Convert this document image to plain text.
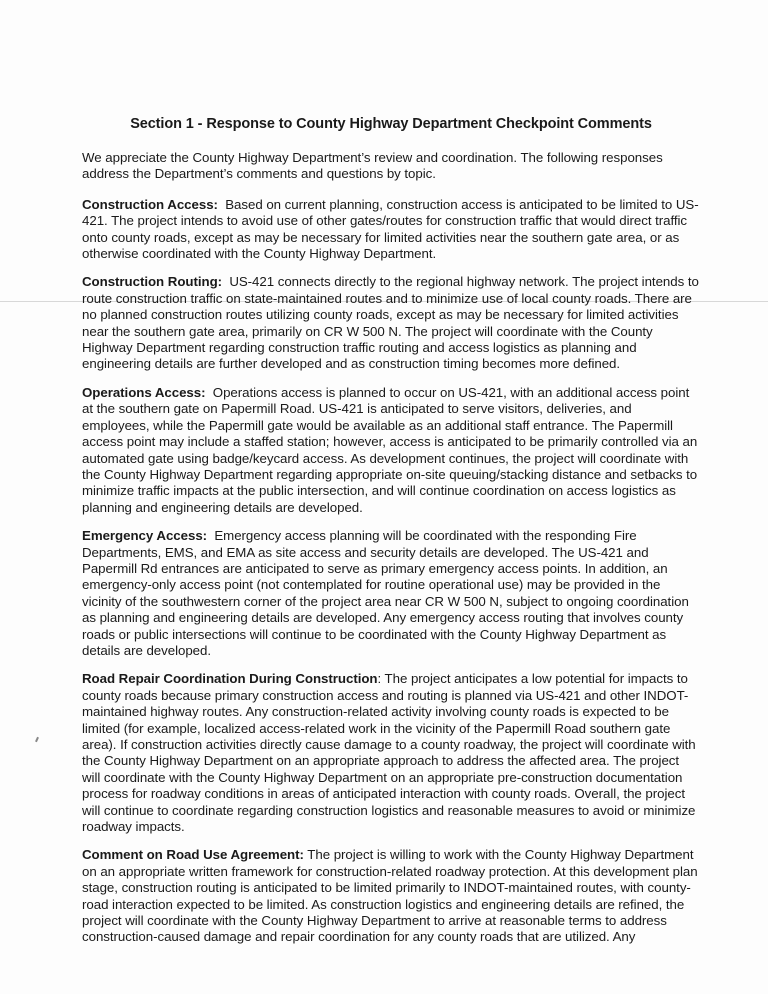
Section 1 - Response to County Highway Department Checkpoint Comments

We appreciate the County Highway Department’s review and coordination. The following responses address the Department’s comments and questions by topic.

Construction Access: Based on current planning, construction access is anticipated to be limited to US-421. The project intends to avoid use of other gates/routes for construction traffic that would direct traffic onto county roads, except as may be necessary for limited activities near the southern gate area, or as otherwise coordinated with the County Highway Department.

Construction Routing: US-421 connects directly to the regional highway network. The project intends to route construction traffic on state-maintained routes and to minimize use of local county roads. There are no planned construction routes utilizing county roads, except as may be necessary for limited activities near the southern gate area, primarily on CR W 500 N. The project will coordinate with the County Highway Department regarding construction traffic routing and access logistics as planning and engineering details are further developed and as construction timing becomes more defined.

Operations Access: Operations access is planned to occur on US-421, with an additional access point at the southern gate on Papermill Road. US-421 is anticipated to serve visitors, deliveries, and employees, while the Papermill gate would be available as an additional staff entrance. The Papermill access point may include a staffed station; however, access is anticipated to be primarily controlled via an automated gate using badge/keycard access. As development continues, the project will coordinate with the County Highway Department regarding appropriate on-site queuing/stacking distance and setbacks to minimize traffic impacts at the public intersection, and will continue coordination on access logistics as planning and engineering details are developed.

Emergency Access: Emergency access planning will be coordinated with the responding Fire Departments, EMS, and EMA as site access and security details are developed. The US-421 and Papermill Rd entrances are anticipated to serve as primary emergency access points. In addition, an emergency-only access point (not contemplated for routine operational use) may be provided in the vicinity of the southwestern corner of the project area near CR W 500 N, subject to ongoing coordination as planning and engineering details are developed. Any emergency access routing that involves county roads or public intersections will continue to be coordinated with the County Highway Department as details are developed.

Road Repair Coordination During Construction: The project anticipates a low potential for impacts to county roads because primary construction access and routing is planned via US-421 and other INDOT-maintained highway routes. Any construction-related activity involving county roads is expected to be limited (for example, localized access-related work in the vicinity of the Papermill Road southern gate area). If construction activities directly cause damage to a county roadway, the project will coordinate with the County Highway Department on an appropriate approach to address the affected area. The project will coordinate with the County Highway Department on an appropriate pre-construction documentation process for roadway conditions in areas of anticipated interaction with county roads. Overall, the project will continue to coordinate regarding construction logistics and reasonable measures to avoid or minimize roadway impacts.

Comment on Road Use Agreement: The project is willing to work with the County Highway Department on an appropriate written framework for construction-related roadway protection. At this development plan stage, construction routing is anticipated to be limited primarily to INDOT-maintained routes, with county-road interaction expected to be limited. As construction logistics and engineering details are refined, the project will coordinate with the County Highway Department to arrive at reasonable terms to address construction-caused damage and repair coordination for any county roads that are utilized. Any
